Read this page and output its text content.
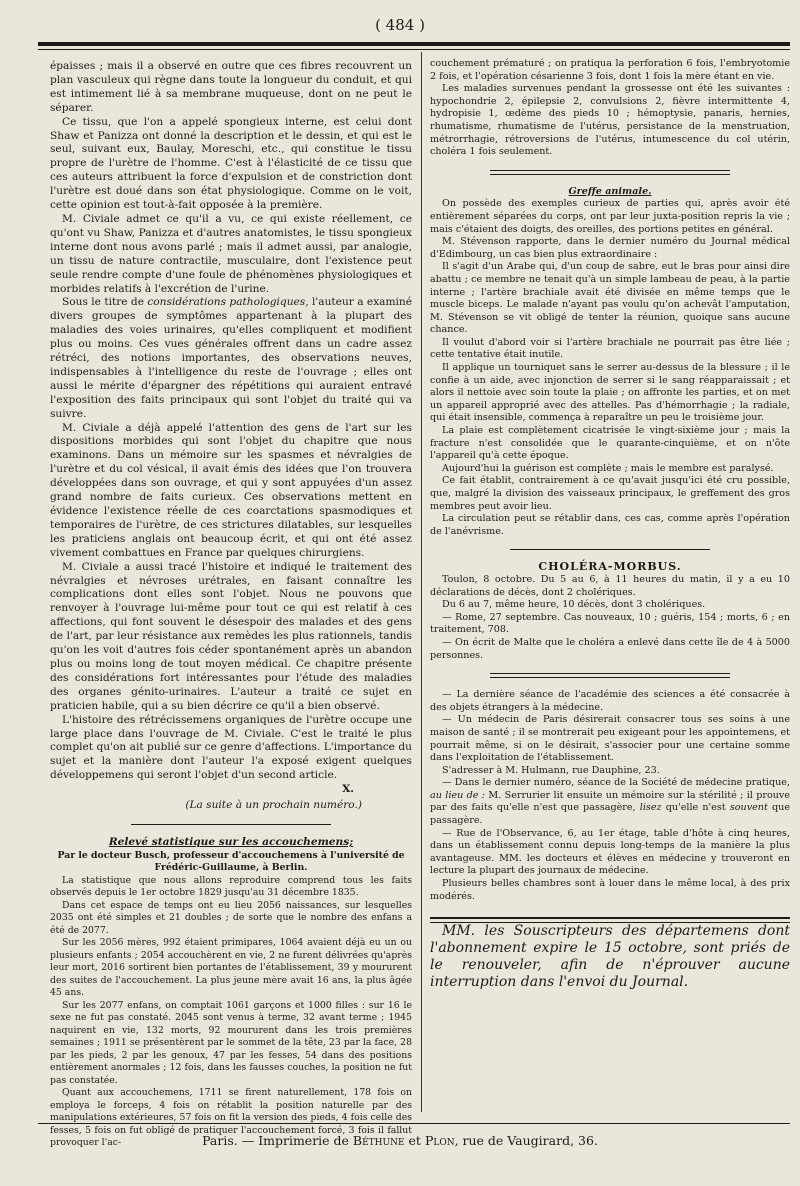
( 484 )

épaisses ; mais il a observé en outre que ces fibres recouvrent un plan vasculeux qui règne dans toute la longueur du conduit, et qui est intimement lié à sa membrane muqueuse, dont on ne peut le séparer.

Ce tissu, que l'on a appelé spongieux interne, est celui dont Shaw et Panizza ont donné la description et le dessin, et qui est le seul, suivant eux, Baulay, Moreschi, etc., qui constitue le tissu propre de l'urètre de l'homme. C'est à l'élasticité de ce tissu que ces auteurs attribuent la force d'expulsion et de constriction dont l'urètre est doué dans son état physiologique. Comme on le voit, cette opinion est tout-à-fait opposée à la première.

M. Civiale admet ce qu'il a vu, ce qui existe réellement, ce qu'ont vu Shaw, Panizza et d'autres anatomistes, le tissu spongieux interne dont nous avons parlé ; mais il admet aussi, par analogie, un tissu de nature contractile, musculaire, dont l'existence peut seule rendre compte d'une foule de phénomènes physiologiques et morbides relatifs à l'excrétion de l'urine.

Sous le titre de considérations pathologiques, l'auteur a examiné divers groupes de symptômes appartenant à la plupart des maladies des voies urinaires, qu'elles compliquent et modifient plus ou moins. Ces vues générales offrent dans un cadre assez rétréci, des notions importantes, des observations neuves, indispensables à l'intelligence du reste de l'ouvrage ; elles ont aussi le mérite d'épargner des répétitions qui auraient entravé l'exposition des faits principaux qui sont l'objet du traité qui va suivre.

M. Civiale a déjà appelé l'attention des gens de l'art sur les dispositions morbides qui sont l'objet du chapitre que nous examinons. Dans un mémoire sur les spasmes et névralgies de l'urètre et du col vésical, il avait émis des idées que l'on trouvera développées dans son ouvrage, et qui y sont appuyées d'un assez grand nombre de faits curieux. Ces observations mettent en évidence l'existence réelle de ces coarctations spasmodiques et temporaires de l'urètre, de ces strictures dilatables, sur lesquelles les praticiens anglais ont beaucoup écrit, et qui ont été assez vivement combattues en France par quelques chirurgiens.

M. Civiale a aussi tracé l'histoire et indiqué le traitement des névralgies et névroses urétrales, en faisant connaître les complications dont elles sont l'objet. Nous ne pouvons que renvoyer à l'ouvrage lui-même pour tout ce qui est relatif à ces affections, qui font souvent le désespoir des malades et des gens de l'art, par leur résistance aux remèdes les plus rationnels, tandis qu'on les voit d'autres fois céder spontanément après un abandon plus ou moins long de tout moyen médical. Ce chapitre présente des considérations fort intéressantes pour l'étude des maladies des organes génito-urinaires. L'auteur a traité ce sujet en praticien habile, qui a su bien décrire ce qu'il a bien observé.

L'histoire des rétrécissemens organiques de l'urètre occupe une large place dans l'ouvrage de M. Civiale. C'est le traité le plus complet qu'on ait publié sur ce genre d'affections. L'importance du sujet et la manière dont l'auteur l'a exposé exigent quelques développemens qui seront l'objet d'un second article.

X.

(La suite à un prochain numéro.)

Relevé statistique sur les accouchemens;

Par le docteur Busch, professeur d'accouchemens à l'université de Frédéric-Guillaume, à Berlin.

La statistique que nous allons reproduire comprend tous les faits observés depuis le 1er octobre 1829 jusqu'au 31 décembre 1835.

Dans cet espace de temps ont eu lieu 2056 naissances, sur lesquelles 2035 ont été simples et 21 doubles ; de sorte que le nombre des enfans a été de 2077.

Sur les 2056 mères, 992 étaient primipares, 1064 avaient déjà eu un ou plusieurs enfants ; 2054 accouchèrent en vie, 2 ne furent délivrées qu'après leur mort, 2016 sortirent bien portantes de l'établissement, 39 y moururent des suites de l'accouchement. La plus jeune mère avait 16 ans, la plus âgée 45 ans.

Sur les 2077 enfans, on comptait 1061 garçons et 1000 filles : sur 16 le sexe ne fut pas constaté. 2045 sont venus à terme, 32 avant terme ; 1945 naquirent en vie, 132 morts, 92 moururent dans les trois premières semaines ; 1911 se présentèrent par le sommet de la tête, 23 par la face, 28 par les pieds, 2 par les genoux, 47 par les fesses, 54 dans des positions entièrement anormales ; 12 fois, dans les fausses couches, la position ne fut pas constatée.

Quant aux accouchemens, 1711 se firent naturellement, 178 fois on employa le forceps, 4 fois on rétablit la position naturelle par des manipulations extérieures, 57 fois on fit la version des pieds, 4 fois celle des fesses, 5 fois on fut obligé de pratiquer l'accouchement forcé, 3 fois il fallut provoquer l'ac-

couchement prématuré ; on pratiqua la perforation 6 fois, l'embryotomie 2 fois, et l'opération césarienne 3 fois, dont 1 fois la mère étant en vie.

Les maladies survenues pendant la grossesse ont été les suivantes : hypochondrie 2, épilepsie 2, convulsions 2, fièvre intermittente 4, hydropisie 1, œdème des pieds 10 ; hémoptysie, panaris, hernies, rhumatisme, rhumatisme de l'utérus, persistance de la menstruation, métrorrhagie, rétroversions de l'utérus, intumescence du col utérin, choléra 1 fois seulement.

Greffe animale.

On possède des exemples curieux de parties qui, après avoir été entièrement séparées du corps, ont par leur juxta-position repris la vie ; mais c'étaient des doigts, des oreilles, des portions petites en général.

M. Stévenson rapporte, dans le dernier numéro du Journal médical d'Edimbourg, un cas bien plus extraordinaire :

Il s'agit d'un Arabe qui, d'un coup de sabre, eut le bras pour ainsi dire abattu ; ce membre ne tenait qu'à un simple lambeau de peau, à la partie interne ; l'artère brachiale avait été divisée en même temps que le muscle biceps. Le malade n'ayant pas voulu qu'on achevât l'amputation, M. Stévenson se vit obligé de tenter la réunion, quoique sans aucune chance.

Il voulut d'abord voir si l'artère brachiale ne pourrait pas être liée ; cette tentative était inutile.

Il applique un tourniquet sans le serrer au-dessus de la blessure ; il le confie à un aide, avec injonction de serrer si le sang réapparaissait ; et alors il nettoie avec soin toute la plaie ; on affronte les parties, et on met un appareil approprié avec des attelles. Pas d'hémorrhagie ; la radiale, qui était insensible, commença à reparaître un peu le troisième jour.

La plaie est complètement cicatrisée le vingt-sixième jour ; mais la fracture n'est consolidée que le quarante-cinquième, et on n'ôte l'appareil qu'à cette époque.

Aujourd'hui la guérison est complète ; mais le membre est paralysé.

Ce fait établit, contrairement à ce qu'avait jusqu'ici été cru possible, que, malgré la division des vaisseaux principaux, le greffement des gros membres peut avoir lieu.

La circulation peut se rétablir dans, ces cas, comme après l'opération de l'anévrisme.

CHOLÉRA-MORBUS.

Toulon, 8 octobre. Du 5 au 6, à 11 heures du matin, il y a eu 10 déclarations de décès, dont 2 cholériques.

Du 6 au 7, même heure, 10 décès, dont 3 cholériques.

— Rome, 27 septembre. Cas nouveaux, 10 ; guéris, 154 ; morts, 6 ; en traitement, 708.

— On écrit de Malte que le choléra a enlevé dans cette île de 4 à 5000 personnes.

— La dernière séance de l'académie des sciences a été consacrée à des objets étrangers à la médecine.

— Un médecin de Paris désirerait consacrer tous ses soins à une maison de santé ; il se montrerait peu exigeant pour les appointemens, et pourrait même, si on le désirait, s'associer pour une certaine somme dans l'exploitation de l'établissement.

S'adresser à M. Hulmann, rue Dauphine, 23.

— Dans le dernier numéro, séance de la Société de médecine pratique, au lieu de : M. Serrurier lit ensuite un mémoire sur la stérilité ; il prouve par des faits qu'elle n'est que passagère, lisez qu'elle n'est souvent que passagère.

— Rue de l'Observance, 6, au 1er étage, table d'hôte à cinq heures, dans un établissement connu depuis long-temps de la manière la plus avantageuse. MM. les docteurs et élèves en médecine y trouveront en lecture la plupart des journaux de médecine.

Plusieurs belles chambres sont à louer dans le même local, à des prix modérés.

MM. les Souscripteurs des départemens dont l'abonnement expire le 15 octobre, sont priés de le renouveler, afin de n'éprouver aucune interruption dans l'envoi du Journal.

Paris. — Imprimerie de Béthune et Plon, rue de Vaugirard, 36.
